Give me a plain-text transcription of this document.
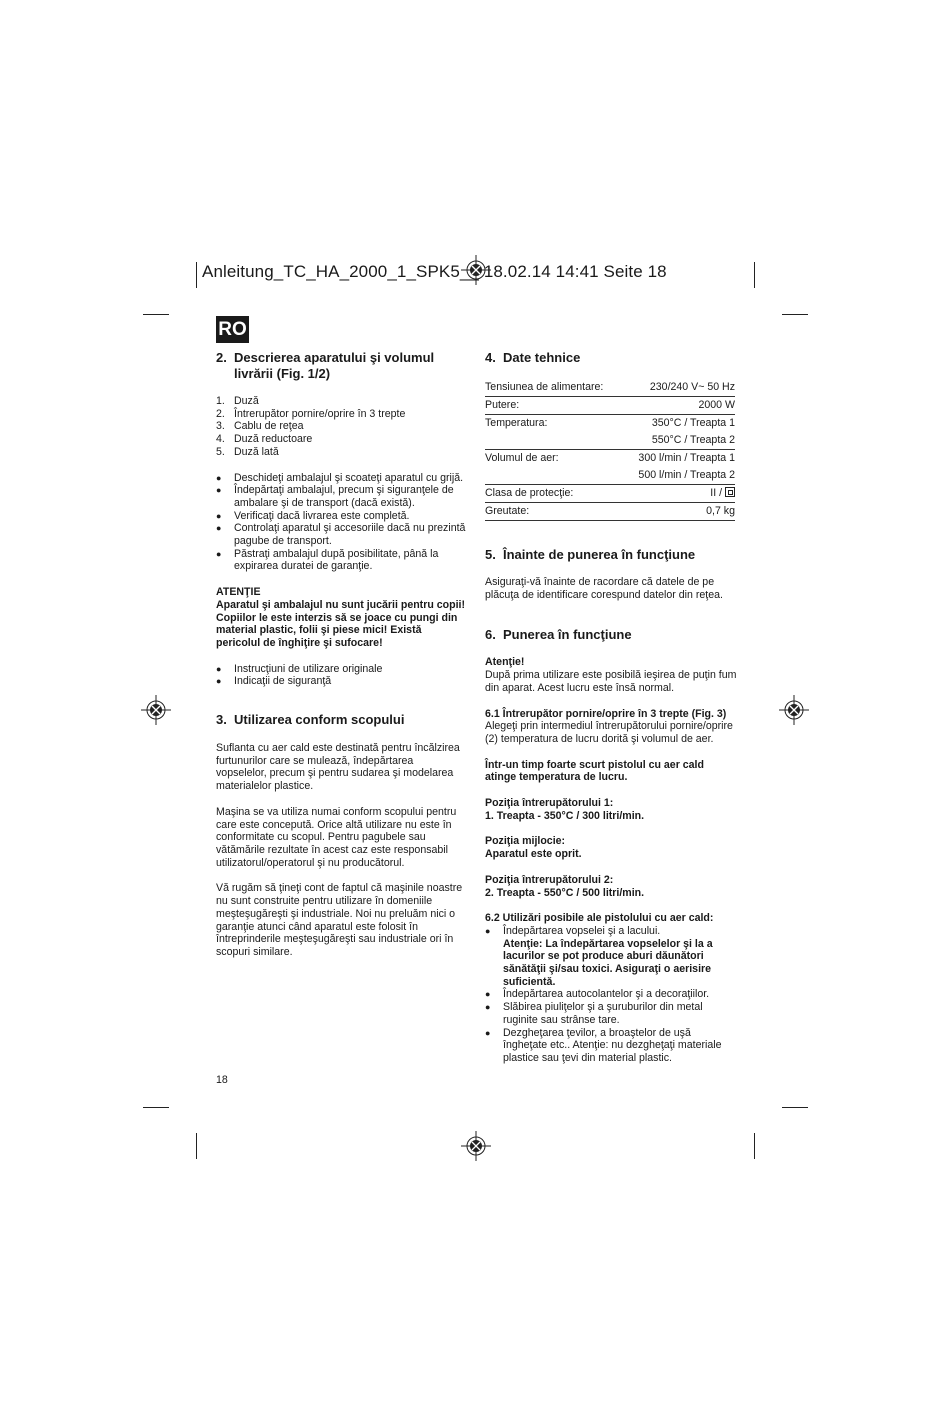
Anleitung_TC_HA_2000_1_SPK5__ 18.02.14 14:41 Seite 18
RO
2. Descrierea aparatului şi volumul livrării (Fig. 1/2)
1. Duză
2. Întrerupător pornire/oprire în 3 trepte
3. Cablu de reţea
4. Duză reductoare
5. Duză lată
●	Deschideţi ambalajul şi scoateţi aparatul cu grijă.
●	Îndepărtaţi ambalajul, precum şi siguranţele de ambalare şi de transport (dacă există).
●	Verificaţi dacă livrarea este completă.
●	Controlaţi aparatul şi accesoriile dacă nu prezintă pagube de transport.
●	Păstraţi ambalajul după posibilitate, până la expirarea duratei de garanţie.

ATENŢIE

Aparatul şi ambalajul nu sunt jucării pentru copii! Copiilor le este interzis să se joace cu pungi din material plastic, folii şi piese mici! Există pericolul de înghiţire şi sufocare!

●	Instrucţiuni de utilizare originale
●	Indicaţii de siguranţă
3. Utilizarea conform scopului

Suflanta cu aer cald este destinată pentru încălzirea furtunurilor care se mulează, îndepărtarea vopselelor, precum şi pentru sudarea şi modelarea materialelor plastice.

Maşina se va utiliza numai conform scopului pentru care este concepută. Orice altă utilizare nu este în conformitate cu scopul. Pentru pagubele sau vătămările rezultate în acest caz este responsabil utilizatorul/operatorul şi nu producătorul.

Vă rugăm să ţineţi cont de faptul că maşinile noastre nu sunt construite pentru utilizare în domeniile meşteşugăreşti şi industriale. Noi nu preluăm nici o garanţie atunci când aparatul este folosit în întreprinderile meşteşugăreşti sau industriale ori în scopuri similare.

4. Date tehnice
Tensiunea de alimentare:	230/240 V~ 50 Hz
Putere:	2000 W
Temperatura:	350°C / Treapta 1
	550°C / Treapta 2
Volumul de aer:	300 l/min / Treapta 1
	500 l/min / Treapta 2
Clasa de protecţie:	II /
Greutate:	0,7 kg
5. Înainte de punerea în funcţiune

Asiguraţi-vă înainte de racordare că datele de pe plăcuţa de identificare corespund datelor din reţea.

6. Punerea în funcţiune

Atenţie!

După prima utilizare este posibilă ieşirea de puţin fum din aparat. Acest lucru este însă normal.

6.1 Întrerupător pornire/oprire în 3 trepte (Fig. 3)

Alegeţi prin intermediul întrerupătorului pornire/oprire (2) temperatura de lucru dorită şi volumul de aer.

Într-un timp foarte scurt pistolul cu aer cald atinge temperatura de lucru.

Poziţia întrerupătorului 1:

1. Treapta - 350°C / 300 litri/min.

Poziţia mijlocie:

Aparatul este oprit.

Poziţia întrerupătorului 2:

2. Treapta - 550°C / 500 litri/min.

6.2 Utilizări posibile ale pistolului cu aer cald:

●	Îndepărtarea vopselei şi a lacului.
Atenţie: La îndepărtarea vopselelor şi la a lacurilor se pot produce aburi dăunători sănătăţii şi/sau toxici. Asiguraţi o aerisire suficientă.
●	Îndepărtarea autocolantelor şi a decoraţiilor.
●	Slăbirea piuliţelor şi a şuruburilor din metal ruginite sau strânse tare.
●	Dezgheţarea ţevilor, a broaştelor de uşă îngheţate etc.. Atenţie: nu dezgheţaţi materiale plastice sau ţevi din material plastic.
18
